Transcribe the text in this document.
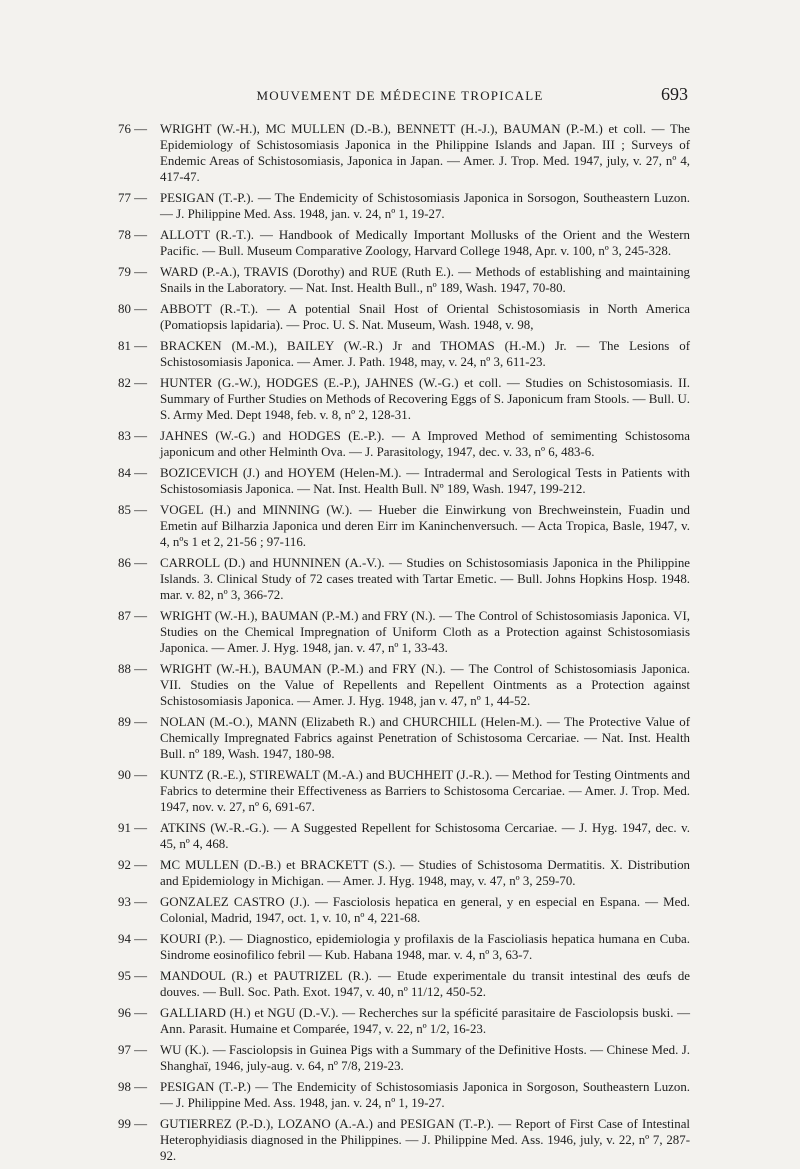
MOUVEMENT DE MÉDECINE TROPICALE	693
76 —	WRIGHT (W.-H.), MC MULLEN (D.-B.), BENNETT (H.-J.), BAUMAN (P.-M.) et coll. — The Epidemiology of Schistosomiasis Japonica in the Philippine Islands and Japan. III ; Surveys of Endemic Areas of Schistosomiasis, Japonica in Japan. — Amer. J. Trop. Med. 1947, july, v. 27, nº 4, 417-47.
77 —	PESIGAN (T.-P.). — The Endemicity of Schistosomiasis Japonica in Sorsogon, Southeastern Luzon. — J. Philippine Med. Ass. 1948, jan. v. 24, nº 1, 19-27.
78 —	ALLOTT (R.-T.). — Handbook of Medically Important Mollusks of the Orient and the Western Pacific. — Bull. Museum Comparative Zoology, Harvard College 1948, Apr. v. 100, nº 3, 245-328.
79 —	WARD (P.-A.), TRAVIS (Dorothy) and RUE (Ruth E.). — Methods of establishing and maintaining Snails in the Laboratory. — Nat. Inst. Health Bull., nº 189, Wash. 1947, 70-80.
80 —	ABBOTT (R.-T.). — A potential Snail Host of Oriental Schistosomiasis in North America (Pomatiopsis lapidaria). — Proc. U. S. Nat. Museum, Wash. 1948, v. 98,
81 —	BRACKEN (M.-M.), BAILEY (W.-R.) Jr and THOMAS (H.-M.) Jr. — The Lesions of Schistosomiasis Japonica. — Amer. J. Path. 1948, may, v. 24, nº 3, 611-23.
82 —	HUNTER (G.-W.), HODGES (E.-P.), JAHNES (W.-G.) et coll. — Studies on Schistosomiasis. II. Summary of Further Studies on Methods of Recovering Eggs of S. Japonicum fram Stools. — Bull. U. S. Army Med. Dept 1948, feb. v. 8, nº 2, 128-31.
83 —	JAHNES (W.-G.) and HODGES (E.-P.). — A Improved Method of semimenting Schistosoma japonicum and other Helminth Ova. — J. Parasitology, 1947, dec. v. 33, nº 6, 483-6.
84 —	BOZICEVICH (J.) and HOYEM (Helen-M.). — Intradermal and Serological Tests in Patients with Schistosomiasis Japonica. — Nat. Inst. Health Bull. Nº 189, Wash. 1947, 199-212.
85 —	VOGEL (H.) and MINNING (W.). — Hueber die Einwirkung von Brechweinstein, Fuadin und Emetin auf Bilharzia Japonica und deren Eirr im Kaninchenversuch. — Acta Tropica, Basle, 1947, v. 4, nºs 1 et 2, 21-56 ; 97-116.
86 —	CARROLL (D.) and HUNNINEN (A.-V.). — Studies on Schistosomiasis Japonica in the Philippine Islands. 3. Clinical Study of 72 cases treated with Tartar Emetic. — Bull. Johns Hopkins Hosp. 1948. mar. v. 82, nº 3, 366-72.
87 —	WRIGHT (W.-H.), BAUMAN (P.-M.) and FRY (N.). — The Control of Schistosomiasis Japonica. VI, Studies on the Chemical Impregnation of Uniform Cloth as a Protection against Schistosomiasis Japonica. — Amer. J. Hyg. 1948, jan. v. 47, nº 1, 33-43.
88 —	WRIGHT (W.-H.), BAUMAN (P.-M.) and FRY (N.). — The Control of Schistosomiasis Japonica. VII. Studies on the Value of Repellents and Repellent Ointments as a Protection against Schistosomiasis Japonica. — Amer. J. Hyg. 1948, jan v. 47, nº 1, 44-52.
89 —	NOLAN (M.-O.), MANN (Elizabeth R.) and CHURCHILL (Helen-M.). — The Protective Value of Chemically Impregnated Fabrics against Penetration of Schistosoma Cercariae. — Nat. Inst. Health Bull. nº 189, Wash. 1947, 180-98.
90 —	KUNTZ (R.-E.), STIREWALT (M.-A.) and BUCHHEIT (J.-R.). — Method for Testing Ointments and Fabrics to determine their Effectiveness as Barriers to Schistosoma Cercariae. — Amer. J. Trop. Med. 1947, nov. v. 27, nº 6, 691-67.
91 —	ATKINS (W.-R.-G.). — A Suggested Repellent for Schistosoma Cercariae. — J. Hyg. 1947, dec. v. 45, nº 4, 468.
92 —	MC MULLEN (D.-B.) et BRACKETT (S.). — Studies of Schistosoma Dermatitis. X. Distribution and Epidemiology in Michigan. — Amer. J. Hyg. 1948, may, v. 47, nº 3, 259-70.
93 —	GONZALEZ CASTRO (J.). — Fasciolosis hepatica en general, y en especial en Espana. — Med. Colonial, Madrid, 1947, oct. 1, v. 10, nº 4, 221-68.
94 —	KOURI (P.). — Diagnostico, epidemiologia y profilaxis de la Fascioliasis hepatica humana en Cuba. Sindrome eosinofilico febril — Kub. Habana 1948, mar. v. 4, nº 3, 63-7.
95 —	MANDOUL (R.) et PAUTRIZEL (R.). — Etude experimentale du transit intestinal des œufs de douves. — Bull. Soc. Path. Exot. 1947, v. 40, nº 11/12, 450-52.
96 —	GALLIARD (H.) et NGU (D.-V.). — Recherches sur la spéficité parasitaire de Fasciolopsis buski. — Ann. Parasit. Humaine et Comparée, 1947, v. 22, nº 1/2, 16-23.
97 —	WU (K.). — Fasciolopsis in Guinea Pigs with a Summary of the Definitive Hosts. — Chinese Med. J. Shanghaï, 1946, july-aug. v. 64, nº 7/8, 219-23.
98 —	PESIGAN (T.-P.) — The Endemicity of Schistosomiasis Japonica in Sorgoson, Southeastern Luzon. — J. Philippine Med. Ass. 1948, jan. v. 24, nº 1, 19-27.
99 —	GUTIERREZ (P.-D.), LOZANO (A.-A.) and PESIGAN (T.-P.). — Report of First Case of Intestinal Heterophyidiasis diagnosed in the Philippines. — J. Philippine Med. Ass. 1946, july, v. 22, nº 7, 287-92.
